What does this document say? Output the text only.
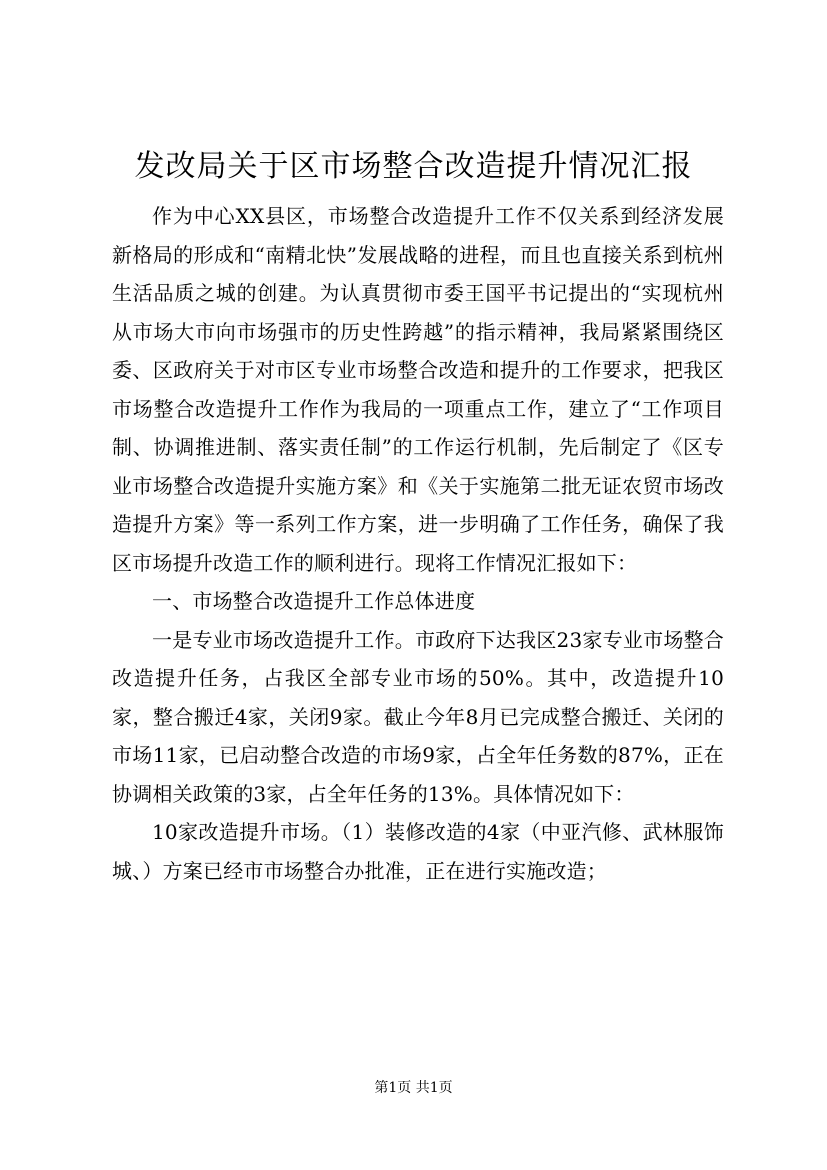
发改局关于区市场整合改造提升情况汇报

作为中心XX县区，市场整合改造提升工作不仅关系到经济发展新格局的形成和“南精北快”发展战略的进程，而且也直接关系到杭州生活品质之城的创建。为认真贯彻市委王国平书记提出的“实现杭州从市场大市向市场强市的历史性跨越”的指示精神，我局紧紧围绕区委、区政府关于对市区专业市场整合改造和提升的工作要求，把我区市场整合改造提升工作作为我局的一项重点工作，建立了“工作项目制、协调推进制、落实责任制”的工作运行机制，先后制定了《区专业市场整合改造提升实施方案》和《关于实施第二批无证农贸市场改造提升方案》等一系列工作方案，进一步明确了工作任务，确保了我区市场提升改造工作的顺利进行。现将工作情况汇报如下：

一、市场整合改造提升工作总体进度

一是专业市场改造提升工作。市政府下达我区23家专业市场整合改造提升任务，占我区全部专业市场的50%。其中，改造提升10家，整合搬迁4家，关闭9家。截止今年8月已完成整合搬迁、关闭的市场11家，已启动整合改造的市场9家，占全年任务数的87%，正在协调相关政策的3家，占全年任务的13%。具体情况如下：

10家改造提升市场。（1）装修改造的4家（中亚汽修、武林服饰城、）方案已经市市场整合办批准，正在进行实施改造；

第1页 共1页
